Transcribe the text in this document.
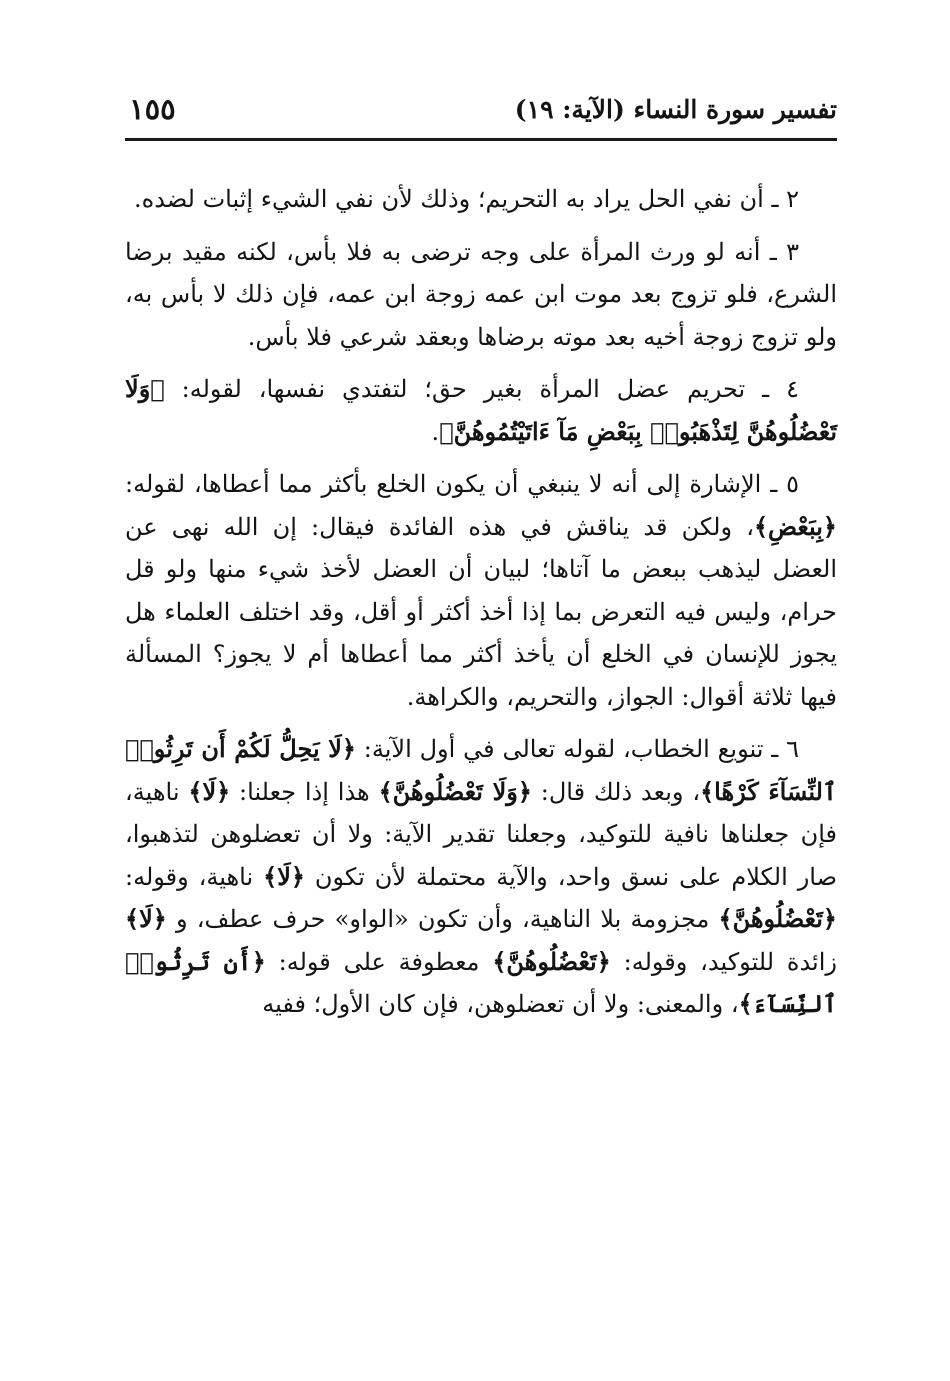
تفسير سورة النساء (الآية: ١٩)
١٥٥

٢ ـ أن نفي الحل يراد به التحريم؛ وذلك لأن نفي الشيء إثبات لضده.

٣ ـ أنه لو ورث المرأة على وجه ترضى به فلا بأس، لكنه مقيد برضا الشرع، فلو تزوج بعد موت ابن عمه زوجة ابن عمه، فإن ذلك لا بأس به، ولو تزوج زوجة أخيه بعد موته برضاها وبعقد شرعي فلا بأس.

٤ ـ تحريم عضل المرأة بغير حق؛ لتفتدي نفسها، لقوله: ﴿وَلَا تَعْضُلُوهُنَّ لِتَذْهَبُوا۟ بِبَعْضِ مَآ ءَاتَيْتُمُوهُنَّ﴾.

٥ ـ الإشارة إلى أنه لا ينبغي أن يكون الخلع بأكثر مما أعطاها، لقوله: ﴿بِبَعْضِ﴾، ولكن قد يناقش في هذه الفائدة فيقال: إن الله نهى عن العضل ليذهب ببعض ما آتاها؛ لبيان أن العضل لأخذ شيء منها ولو قل حرام، وليس فيه التعرض بما إذا أخذ أكثر أو أقل، وقد اختلف العلماء هل يجوز للإنسان في الخلع أن يأخذ أكثر مما أعطاها أم لا يجوز؟ المسألة فيها ثلاثة أقوال: الجواز، والتحريم، والكراهة.

٦ ـ تنويع الخطاب، لقوله تعالى في أول الآية: ﴿لَا يَحِلُّ لَكُمْ أَن تَرِثُوا۟ ٱلنِّسَآءَ كَرْهًا﴾، وبعد ذلك قال: ﴿وَلَا تَعْضُلُوهُنَّ﴾ هذا إذا جعلنا: ﴿لَا﴾ ناهية، فإن جعلناها نافية للتوكيد، وجعلنا تقدير الآية: ولا أن تعضلوهن لتذهبوا، صار الكلام على نسق واحد، والآية محتملة لأن تكون ﴿لَا﴾ ناهية، وقوله: ﴿تَعْضُلُوهُنَّ﴾ مجزومة بلا الناهية، وأن تكون «الواو» حرف عطف، و ﴿لَا﴾ زائدة للتوكيد، وقوله: ﴿تَعْضُلُوهُنَّ﴾ معطوفة على قوله: ﴿أَن تَرِثُوا۟ ٱلنِّسَآءَ﴾، والمعنى: ولا أن تعضلوهن، فإن كان الأول؛ ففيه
